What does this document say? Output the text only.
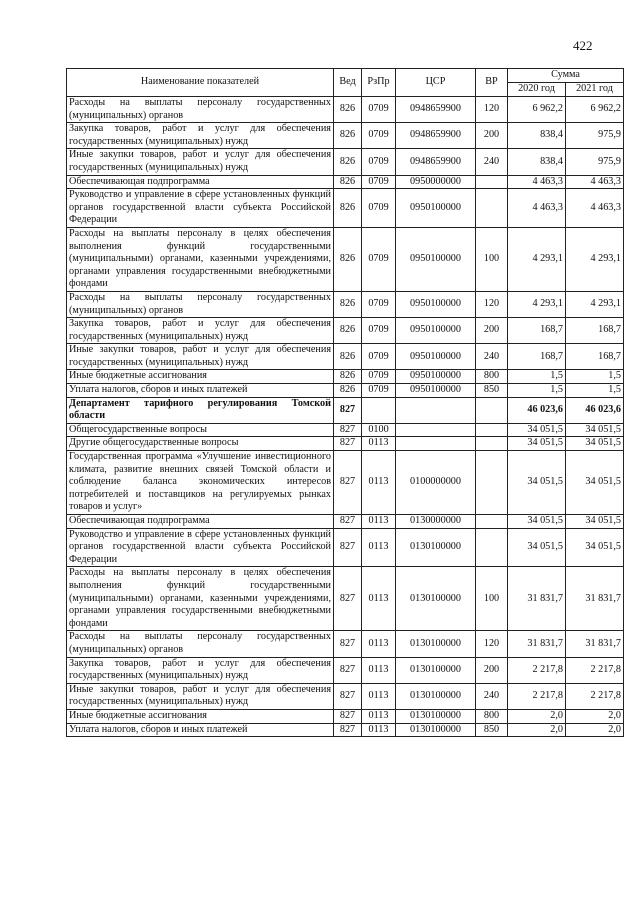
422
Наименование показателей	Вед	РзПр	ЦСР	ВР	Сумма	
					2020 год	2021 год
Расходы на выплаты персоналу государственных (муниципальных) органов	826	0709	0948659900	120	6 962,2	6 962,2
Закупка товаров, работ и услуг для обеспечения государственных (муниципальных) нужд	826	0709	0948659900	200	838,4	975,9
Иные закупки товаров, работ и услуг для обеспечения государственных (муниципальных) нужд	826	0709	0948659900	240	838,4	975,9
Обеспечивающая подпрограмма	826	0709	0950000000		4 463,3	4 463,3
Руководство и управление в сфере установленных функций органов государственной власти субъекта Российской Федерации	826	0709	0950100000		4 463,3	4 463,3
Расходы на выплаты персоналу в целях обеспечения выполнения функций государственными (муниципальными) органами, казенными учреждениями, органами управления государственными внебюджетными фондами	826	0709	0950100000	100	4 293,1	4 293,1
Расходы на выплаты персоналу государственных (муниципальных) органов	826	0709	0950100000	120	4 293,1	4 293,1
Закупка товаров, работ и услуг для обеспечения государственных (муниципальных) нужд	826	0709	0950100000	200	168,7	168,7
Иные закупки товаров, работ и услуг для обеспечения государственных (муниципальных) нужд	826	0709	0950100000	240	168,7	168,7
Иные бюджетные ассигнования	826	0709	0950100000	800	1,5	1,5
Уплата налогов, сборов и иных платежей	826	0709	0950100000	850	1,5	1,5
Департамент тарифного регулирования Томской области	827				46 023,6	46 023,6
Общегосударственные вопросы	827	0100			34 051,5	34 051,5
Другие общегосударственные вопросы	827	0113			34 051,5	34 051,5
Государственная программа «Улучшение инвестиционного климата, развитие внешних связей Томской области и соблюдение баланса экономических интересов потребителей и поставщиков на регулируемых рынках товаров и услуг»	827	0113	0100000000		34 051,5	34 051,5
Обеспечивающая подпрограмма	827	0113	0130000000		34 051,5	34 051,5
Руководство и управление в сфере установленных функций органов государственной власти субъекта Российской Федерации	827	0113	0130100000		34 051,5	34 051,5
Расходы на выплаты персоналу в целях обеспечения выполнения функций государственными (муниципальными) органами, казенными учреждениями, органами управления государственными внебюджетными фондами	827	0113	0130100000	100	31 831,7	31 831,7
Расходы на выплаты персоналу государственных (муниципальных) органов	827	0113	0130100000	120	31 831,7	31 831,7
Закупка товаров, работ и услуг для обеспечения государственных (муниципальных) нужд	827	0113	0130100000	200	2 217,8	2 217,8
Иные закупки товаров, работ и услуг для обеспечения государственных (муниципальных) нужд	827	0113	0130100000	240	2 217,8	2 217,8
Иные бюджетные ассигнования	827	0113	0130100000	800	2,0	2,0
Уплата налогов, сборов и иных платежей	827	0113	0130100000	850	2,0	2,0
